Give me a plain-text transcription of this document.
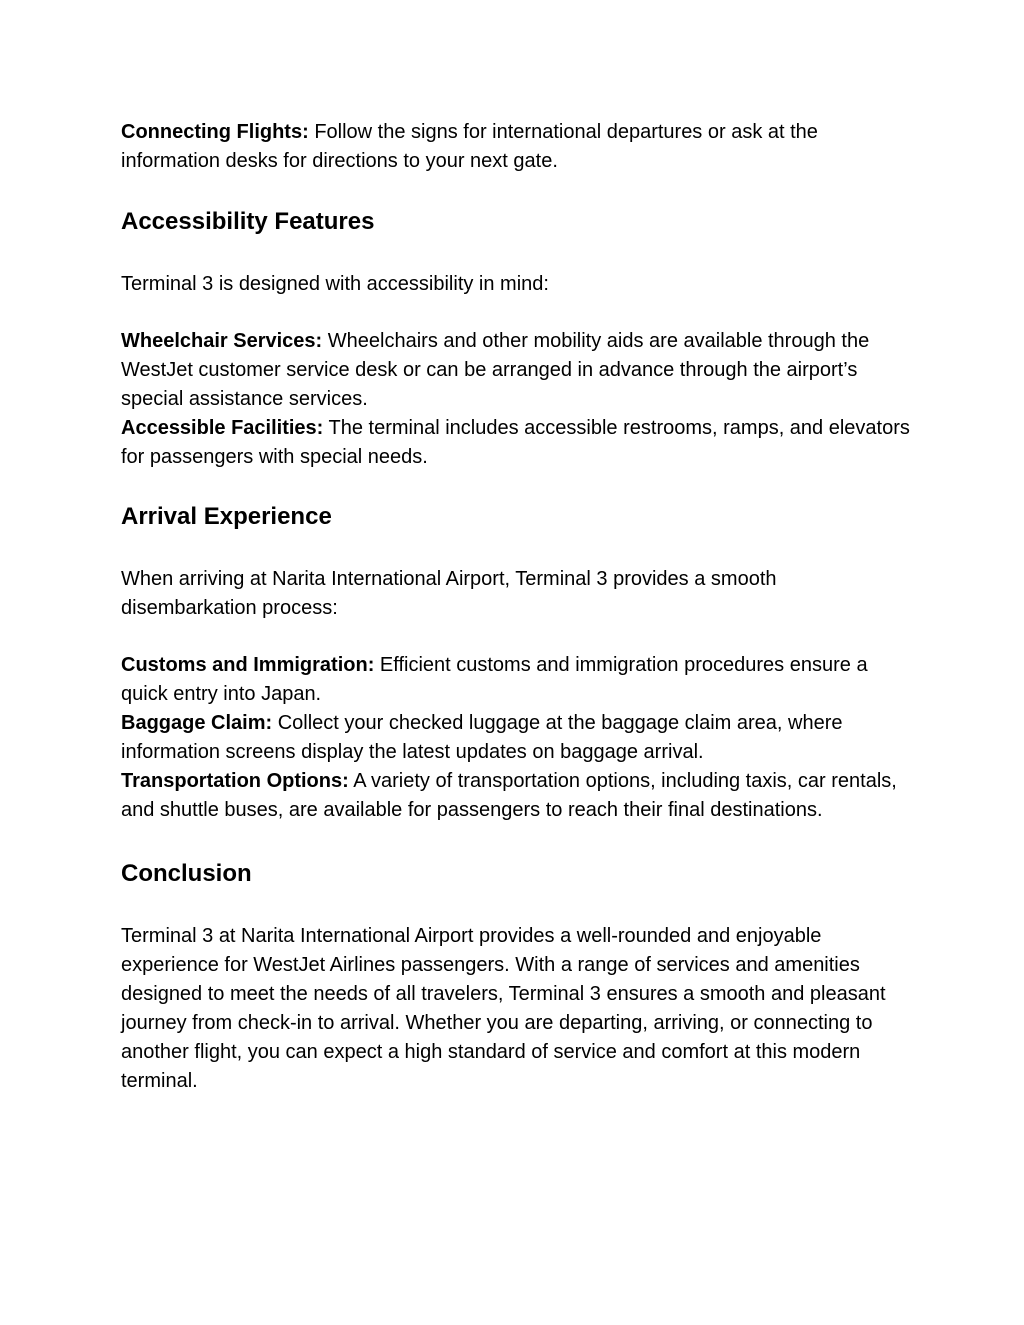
Connecting Flights: Follow the signs for international departures or ask at the information desks for directions to your next gate.

Accessibility Features

Terminal 3 is designed with accessibility in mind:

Wheelchair Services: Wheelchairs and other mobility aids are available through the WestJet customer service desk or can be arranged in advance through the airport’s special assistance services.

Accessible Facilities: The terminal includes accessible restrooms, ramps, and elevators for passengers with special needs.

Arrival Experience

When arriving at Narita International Airport, Terminal 3 provides a smooth disembarkation process:

Customs and Immigration: Efficient customs and immigration procedures ensure a quick entry into Japan.

Baggage Claim: Collect your checked luggage at the baggage claim area, where information screens display the latest updates on baggage arrival.

Transportation Options: A variety of transportation options, including taxis, car rentals, and shuttle buses, are available for passengers to reach their final destinations.

Conclusion

Terminal 3 at Narita International Airport provides a well-rounded and enjoyable experience for WestJet Airlines passengers. With a range of services and amenities designed to meet the needs of all travelers, Terminal 3 ensures a smooth and pleasant journey from check-in to arrival. Whether you are departing, arriving, or connecting to another flight, you can expect a high standard of service and comfort at this modern terminal.
